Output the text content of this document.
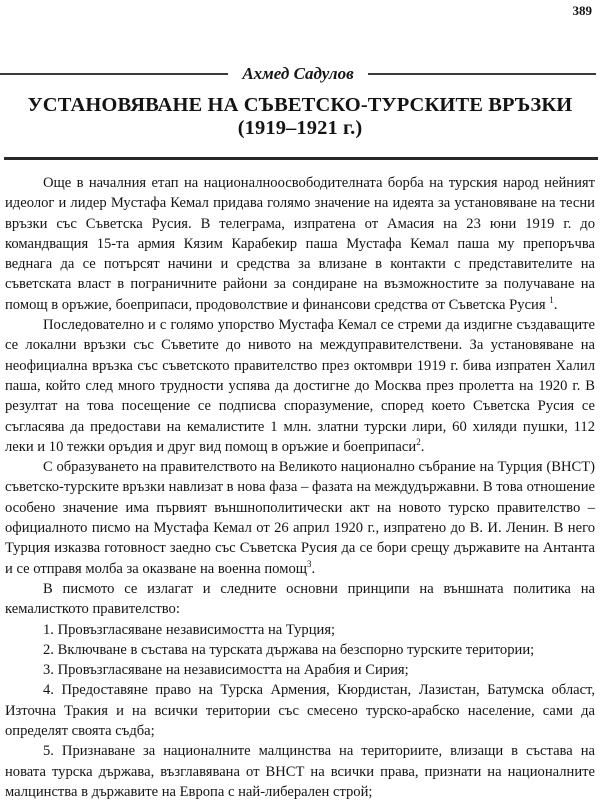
389
Ахмед Садулов
УСТАНОВЯВАНЕ НА СЪВЕТСКО-ТУРСКИТЕ ВРЪЗКИ
(1919–1921 г.)

Още в началния етап на националноосвободителната борба на турския народ нейният идеолог и лидер Мустафа Кемал придава голямо значение на идеята за установяване на тесни връзки със Съветска Русия. В телеграма, изпратена от Амасия на 23 юни 1919 г. до командващия 15-та армия Кязим Карабекир паша Мустафа Кемал паша му препоръчва веднага да се потърсят начини и средства за влизане в контакти с представителите на съветската власт в пограничните райони за сондиране на възможностите за получаване на помощ в оръжие, боеприпаси, продоволствие и финансови средства от Съветска Русия $^1$.

Последователно и с голямо упорство Мустафа Кемал се стреми да издигне създаващите се локални връзки със Съветите до нивото на междуправителствени. За установяване на неофициална връзка със съветското правителство през октомври 1919 г. бива изпратен Халил паша, който след много трудности успява да достигне до Москва през пролетта на 1920 г. В резултат на това посещение се подписва споразумение, според което Съветска Русия се съгласява да предостави на кемалистите 1 млн. златни турски лири, 60 хиляди пушки, 112 леки и 10 тежки оръдия и друг вид помощ в оръжие и боеприпаси$^2$.

С образуването на правителството на Великото национално събрание на Турция (ВНСТ) съветско-турските връзки навлизат в нова фаза – фазата на междудържавни. В това отношение особено значение има първият външнополитически акт на новото турско правителство – официалното писмо на Мустафа Кемал от 26 април 1920 г., изпратено до В. И. Ленин. В него Турция изказва готовност заедно със Съветска Русия да се бори срещу държавите на Антанта и се отправя молба за оказване на военна помощ$^3$.

В писмото се излагат и следните основни принципи на външната политика на кемалисткото правителство:

1. Провъзгласяване независимостта на Турция;

2. Включване в състава на турската държава на безспорно турските територии;

3. Провъзгласяване на независимостта на Арабия и Сирия;

4. Предоставяне право на Турска Армения, Кюрдистан, Лазистан, Батумска област, Източна Тракия и на всички територии със смесено турско-арабско население, сами да определят своята съдба;

5. Признаване за националните малцинства на териториите, влизащи в състава на новата турска държава, възглавявана от ВНСТ на всички права, признати на националните малцинства в държавите на Европа с най-либерален строй;
